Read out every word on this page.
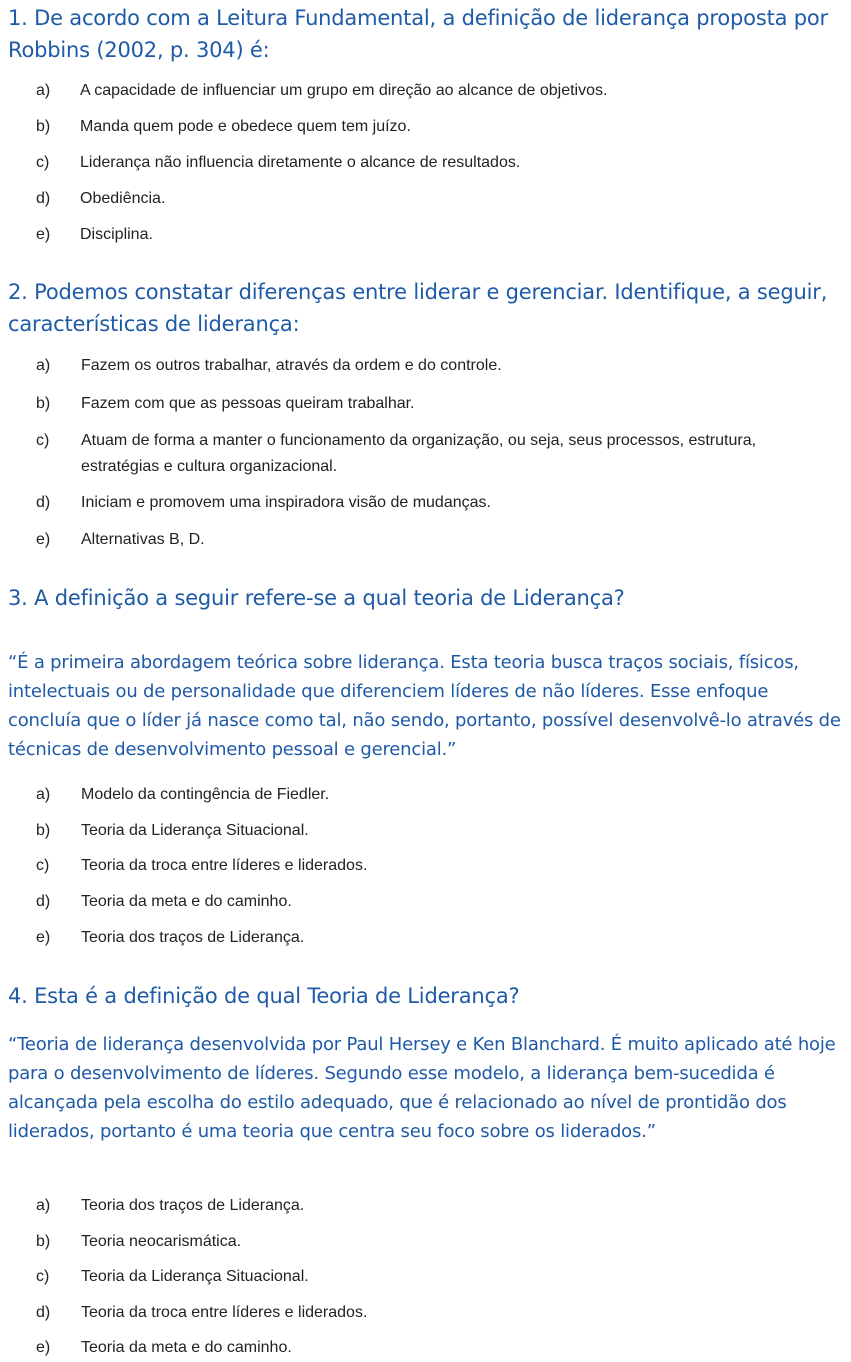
1. De acordo com a Leitura Fundamental, a definição de liderança proposta por Robbins (2002, p. 304) é:
a) A capacidade de influenciar um grupo em direção ao alcance de objetivos.
b) Manda quem pode e obedece quem tem juízo.
c) Liderança não influencia diretamente o alcance de resultados.
d) Obediência.
e) Disciplina.
2. Podemos constatar diferenças entre liderar e gerenciar. Identifique, a seguir, características de liderança:
a) Fazem os outros trabalhar, através da ordem e do controle.
b) Fazem com que as pessoas queiram trabalhar.
c) Atuam de forma a manter o funcionamento da organização, ou seja, seus processos, estrutura, estratégias e cultura organizacional.
d) Iniciam e promovem uma inspiradora visão de mudanças.
e) Alternativas B, D.
3. A definição a seguir refere-se a qual teoria de Liderança?

“É a primeira abordagem teórica sobre liderança. Esta teoria busca traços sociais, físicos, intelectuais ou de personalidade que diferenciem líderes de não líderes. Esse enfoque concluía que o líder já nasce como tal, não sendo, portanto, possível desenvolvê-lo através de técnicas de desenvolvimento pessoal e gerencial.”

a) Modelo da contingência de Fiedler.
b) Teoria da Liderança Situacional.
c) Teoria da troca entre líderes e liderados.
d) Teoria da meta e do caminho.
e) Teoria dos traços de Liderança.
4. Esta é a definição de qual Teoria de Liderança?

“Teoria de liderança desenvolvida por Paul Hersey e Ken Blanchard. É muito aplicado até hoje para o desenvolvimento de líderes. Segundo esse modelo, a liderança bem-sucedida é alcançada pela escolha do estilo adequado, que é relacionado ao nível de prontidão dos liderados, portanto é uma teoria que centra seu foco sobre os liderados.”

a) Teoria dos traços de Liderança.
b) Teoria neocarismática.
c) Teoria da Liderança Situacional.
d) Teoria da troca entre líderes e liderados.
e) Teoria da meta e do caminho.
